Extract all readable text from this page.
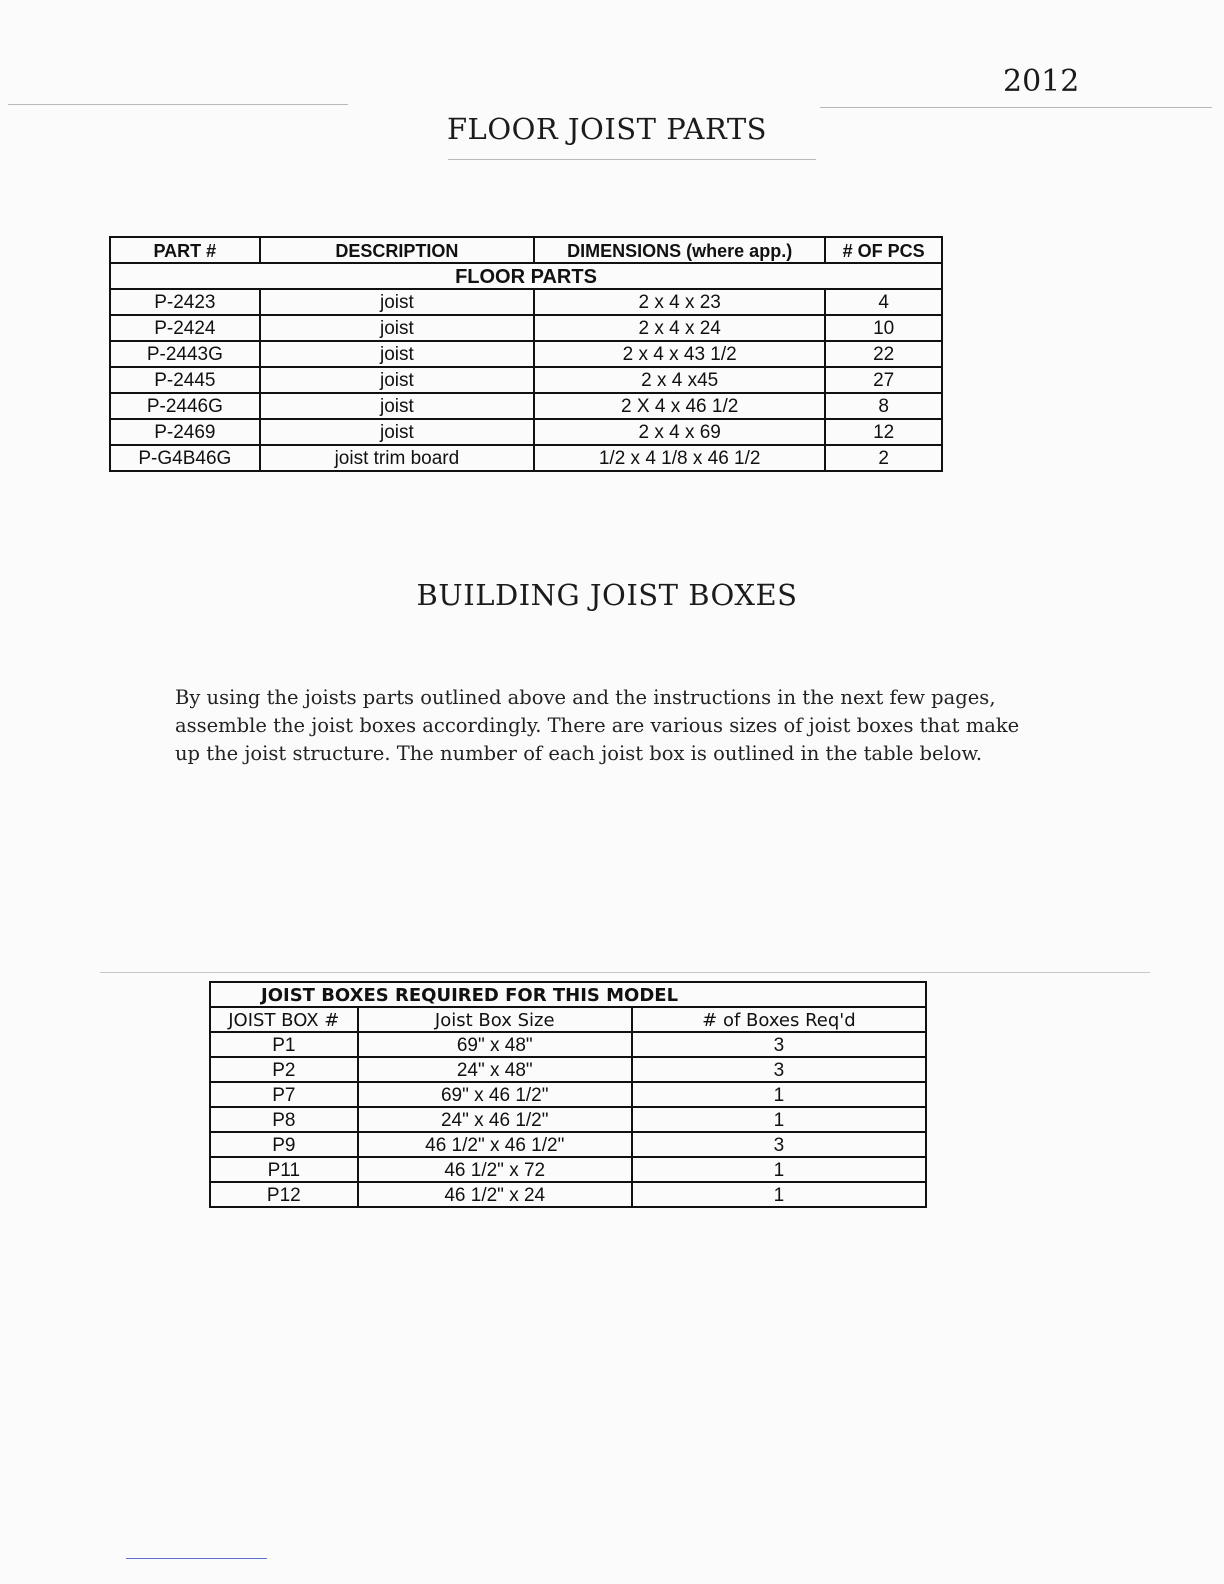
2012
FLOOR JOIST PARTS
PART #	DESCRIPTION	DIMENSIONS (where app.)	# OF PCS
FLOOR PARTS			
P-2423	joist	2 x 4 x 23	4
P-2424	joist	2 x 4 x 24	10
P-2443G	joist	2 x 4 x 43 1/2	22
P-2445	joist	2 x 4 x45	27
P-2446G	joist	2 X 4 x 46 1/2	8
P-2469	joist	2 x 4 x 69	12
P-G4B46G	joist trim board	1/2 x 4 1/8 x 46 1/2	2
BUILDING JOIST BOXES
By using the joists parts outlined above and the instructions in the next few pages, assemble the joist boxes accordingly. There are various sizes of joist boxes that make up the joist structure. The number of each joist box is outlined in the table below.
JOIST BOXES REQUIRED FOR THIS MODEL		
JOIST BOX #	Joist Box Size	# of Boxes Req'd
P1	69" x 48"	3
P2	24" x 48"	3
P7	69" x 46 1/2"	1
P8	24" x 46 1/2"	1
P9	46 1/2" x 46 1/2"	3
P11	46 1/2" x 72	1
P12	46 1/2" x 24	1
